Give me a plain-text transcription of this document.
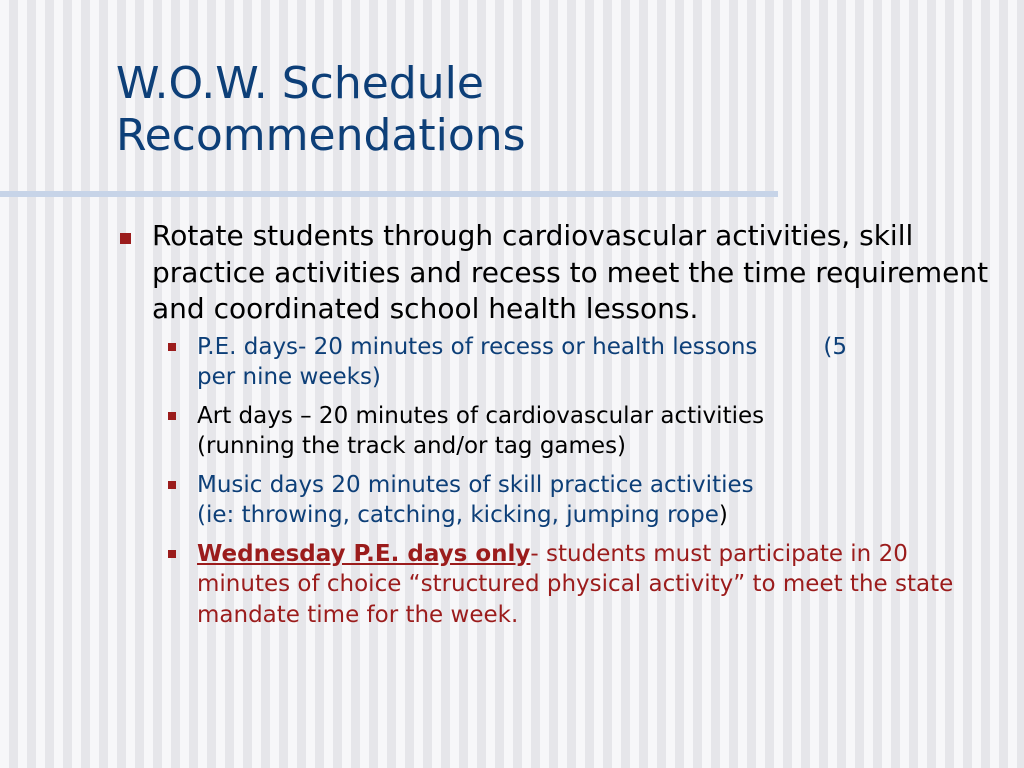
W.O.W. Schedule
Recommendations
Rotate students through cardiovascular activities, skill practice activities and recess to meet the time requirement and coordinated school health lessons.
P.E. days- 20 minutes of recess or health lessons	(5
per nine weeks)
Art days – 20 minutes of cardiovascular activities
(running the track and/or tag games)
Music days 20 minutes of skill practice activities
(ie: throwing, catching, kicking, jumping rope)
Wednesday P.E. days only- students must participate in 20 minutes of choice “structured physical activity” to meet the state mandate time for the week.
